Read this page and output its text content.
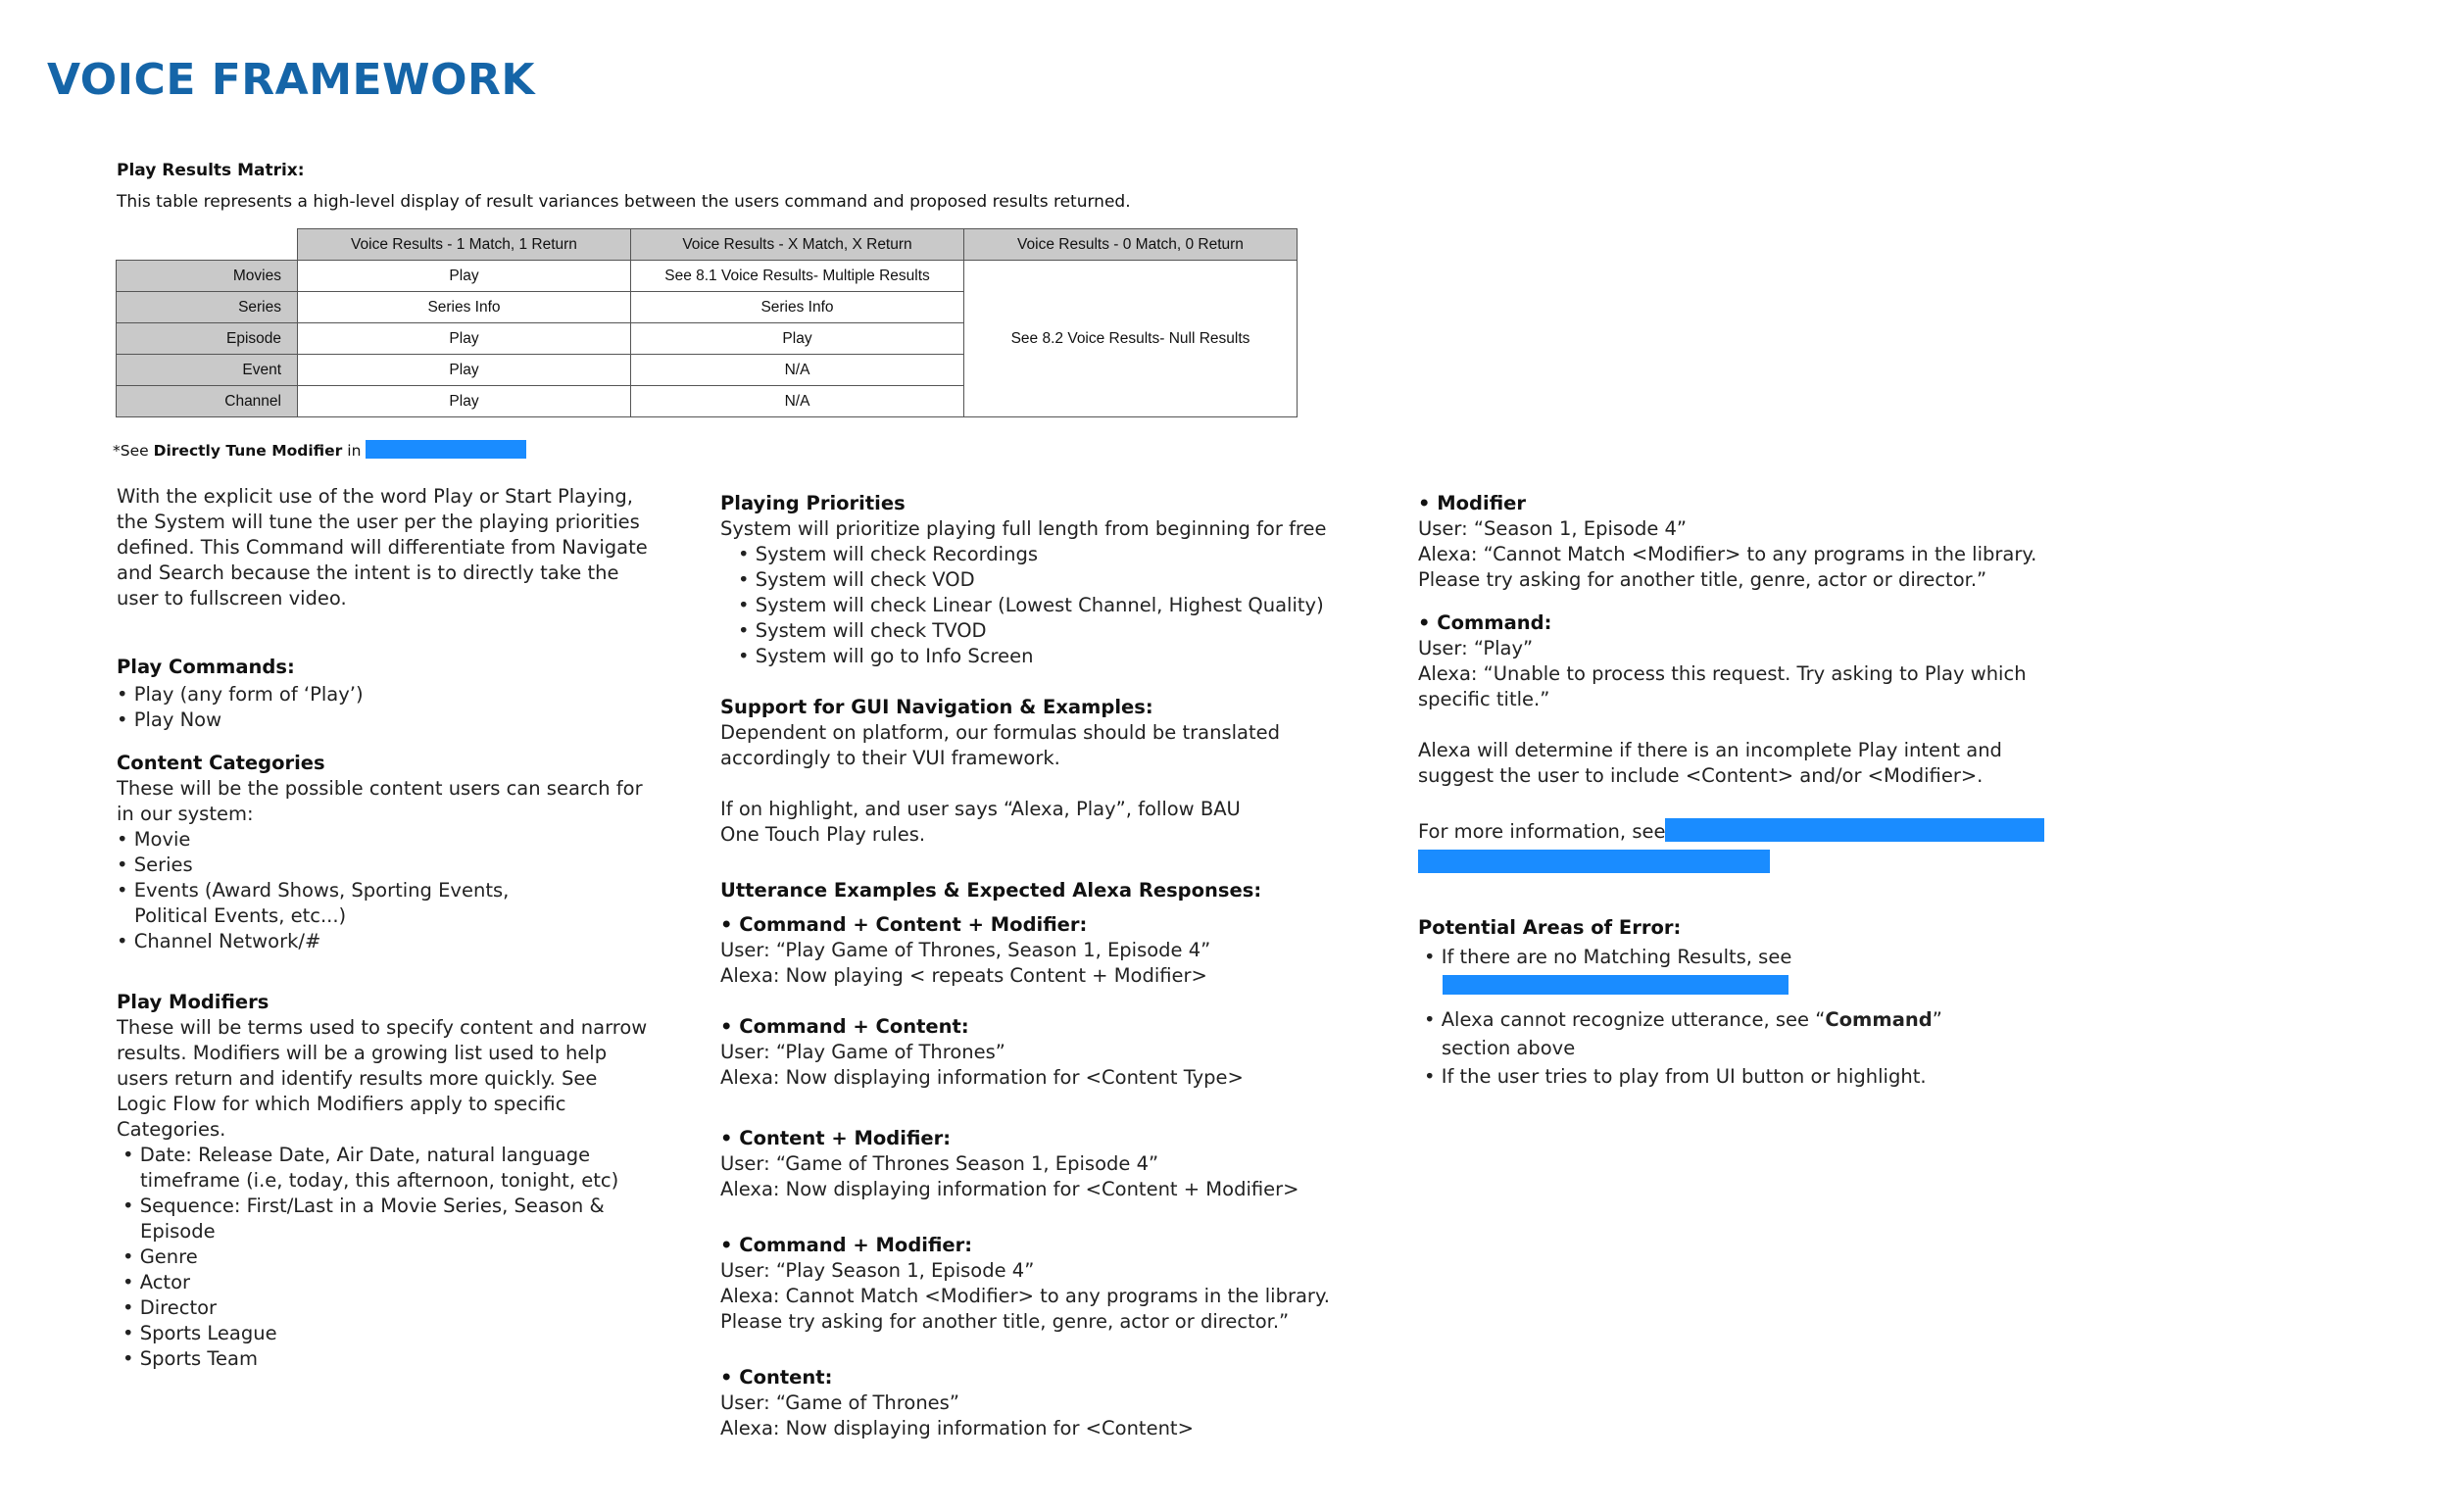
VOICE FRAMEWORK
Play Results Matrix:
This table represents a high-level display of result variances between the users command and proposed results returned.
	Voice Results - 1 Match, 1 Return	Voice Results - X Match, X Return	Voice Results - 0 Match, 0 Return
Movies	Play	See 8.1 Voice Results- Multiple Results	See 8.2 Voice Results- Null Results
Series	Series Info	Series Info	
Episode	Play	Play	
Event	Play	N/A	
Channel	Play	N/A	
*See Directly Tune Modifier in

With the explicit use of the word Play or Start Playing,

the System will tune the user per the playing priorities

defined. This Command will differentiate from Navigate

and Search because the intent is to directly take the

user to fullscreen video.

Play Commands:

• Play (any form of ‘Play’)

• Play Now

Content Categories

These will be the possible content users can search for

in our system:

• Movie

• Series

• Events (Award Shows, Sporting Events,

Political Events, etc...)

• Channel Network/#

Play Modifiers

These will be terms used to specify content and narrow

results. Modifiers will be a growing list used to help

users return and identify results more quickly. See

Logic Flow for which Modifiers apply to specific

Categories.

• Date: Release Date, Air Date, natural language

timeframe (i.e, today, this afternoon, tonight, etc)

• Sequence: First/Last in a Movie Series, Season &

Episode

• Genre

• Actor

• Director

• Sports League

• Sports Team

Playing Priorities

System will prioritize playing full length from beginning for free

• System will check Recordings

• System will check VOD

• System will check Linear (Lowest Channel, Highest Quality)

• System will check TVOD

• System will go to Info Screen

Support for GUI Navigation & Examples:

Dependent on platform, our formulas should be translated

accordingly to their VUI framework.

If on highlight, and user says “Alexa, Play”, follow BAU

One Touch Play rules.

Utterance Examples & Expected Alexa Responses:

• Command + Content + Modifier:

User: “Play Game of Thrones, Season 1, Episode 4”

Alexa: Now playing < repeats Content + Modifier>

• Command + Content:

User: “Play Game of Thrones”

Alexa: Now displaying information for <Content Type>

• Content + Modifier:

User: “Game of Thrones Season 1, Episode 4”

Alexa: Now displaying information for <Content + Modifier>

• Command + Modifier:

User: “Play Season 1, Episode 4”

Alexa: Cannot Match <Modifier> to any programs in the library.

Please try asking for another title, genre, actor or director.”

• Content:

User: “Game of Thrones”

Alexa: Now displaying information for <Content>

• Modifier

User: “Season 1, Episode 4”

Alexa: “Cannot Match <Modifier> to any programs in the library.

Please try asking for another title, genre, actor or director.”

• Command:

User: “Play”

Alexa: “Unable to process this request. Try asking to Play which

specific title.”

Alexa will determine if there is an incomplete Play intent and

suggest the user to include <Content> and/or <Modifier>.

For more information, see

Potential Areas of Error:

• If there are no Matching Results, see

• Alexa cannot recognize utterance, see “Command”

section above

• If the user tries to play from UI button or highlight.
